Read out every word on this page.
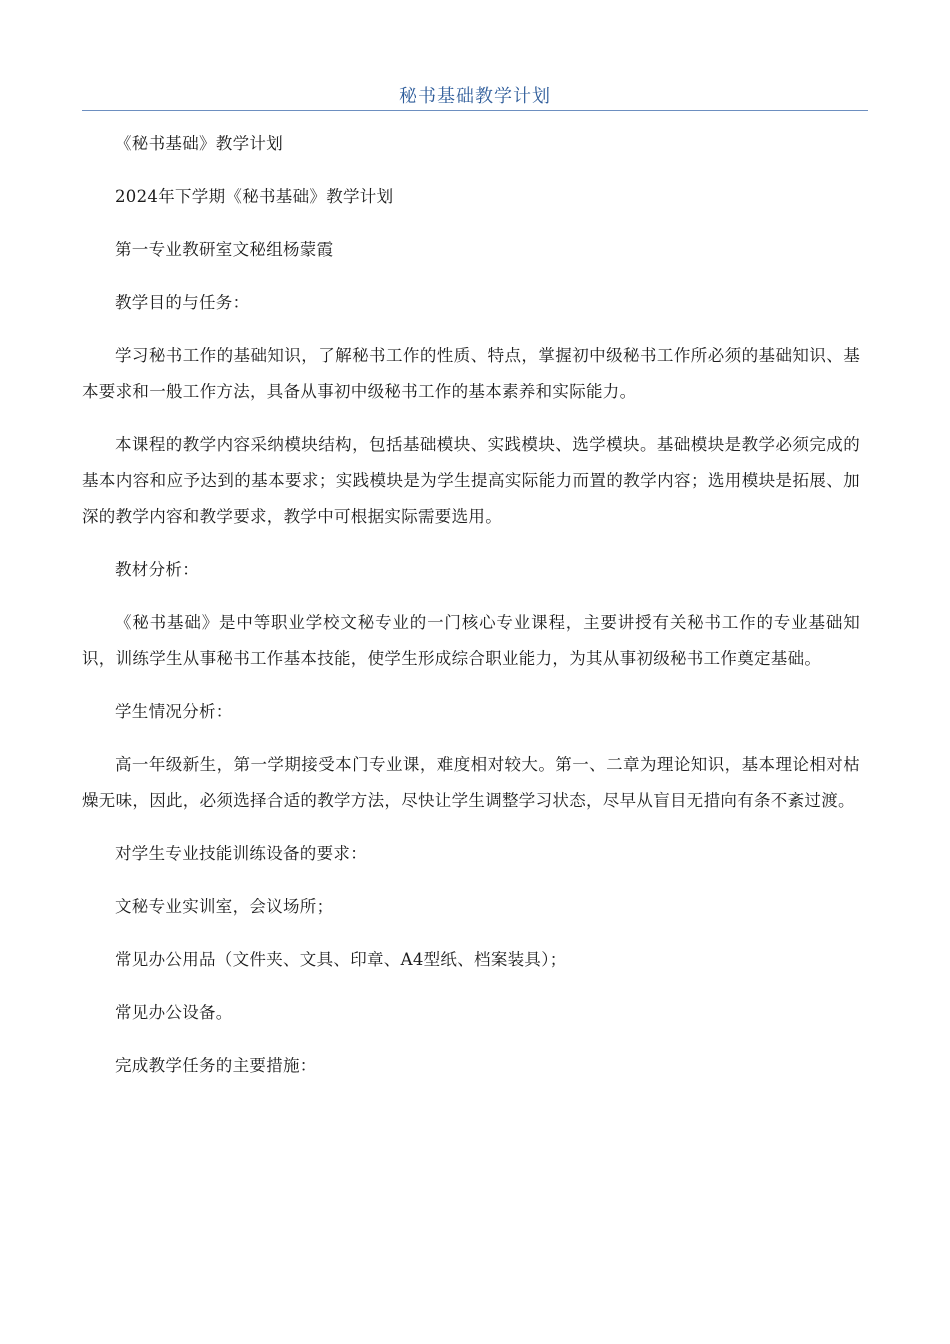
秘书基础教学计划

《秘书基础》教学计划

2024年下学期《秘书基础》教学计划

第一专业教研室文秘组杨蒙霞

教学目的与任务：

学习秘书工作的基础知识，了解秘书工作的性质、特点，掌握初中级秘书工作所必须的基础知识、基本要求和一般工作方法，具备从事初中级秘书工作的基本素养和实际能力。

本课程的教学内容采纳模块结构，包括基础模块、实践模块、选学模块。基础模块是教学必须完成的基本内容和应予达到的基本要求；实践模块是为学生提高实际能力而置的教学内容；选用模块是拓展、加深的教学内容和教学要求，教学中可根据实际需要选用。

教材分析：

《秘书基础》是中等职业学校文秘专业的一门核心专业课程，主要讲授有关秘书工作的专业基础知识，训练学生从事秘书工作基本技能，使学生形成综合职业能力，为其从事初级秘书工作奠定基础。

学生情况分析：

高一年级新生，第一学期接受本门专业课，难度相对较大。第一、二章为理论知识，基本理论相对枯燥无味，因此，必须选择合适的教学方法，尽快让学生调整学习状态，尽早从盲目无措向有条不紊过渡。

对学生专业技能训练设备的要求：

文秘专业实训室，会议场所；

常见办公用品（文件夹、文具、印章、A4型纸、档案装具）；

常见办公设备。

完成教学任务的主要措施：
